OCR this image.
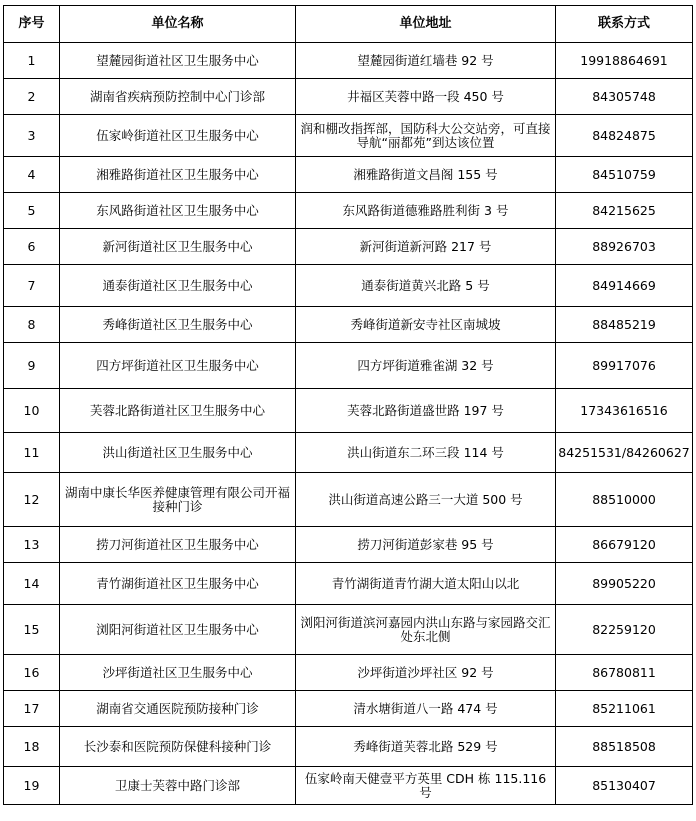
序号	单位名称	单位地址	联系方式
1	望麓园街道社区卫生服务中心	望麓园街道红墙巷 92 号	19918864691
2	湖南省疾病预防控制中心门诊部	井福区芙蓉中路一段 450 号	84305748
3	伍家岭街道社区卫生服务中心	润和棚改指挥部，国防科大公交站旁，可直接导航“丽都苑”到达该位置	84824875
4	湘雅路街道社区卫生服务中心	湘雅路街道文昌阁 155 号	84510759
5	东风路街道社区卫生服务中心	东风路街道德雅路胜利街 3 号	84215625
6	新河街道社区卫生服务中心	新河街道新河路 217 号	88926703
7	通泰街道社区卫生服务中心	通泰街道黄兴北路 5 号	84914669
8	秀峰街道社区卫生服务中心	秀峰街道新安寺社区南城坡	88485219
9	四方坪街道社区卫生服务中心	四方坪街道雅雀湖 32 号	89917076
10	芙蓉北路街道社区卫生服务中心	芙蓉北路街道盛世路 197 号	17343616516
11	洪山街道社区卫生服务中心	洪山街道东二环三段 114 号	84251531/84260627
12	湖南中康长华医养健康管理有限公司开福接种门诊	洪山街道高速公路三一大道 500 号	88510000
13	捞刀河街道社区卫生服务中心	捞刀河街道彭家巷 95 号	86679120
14	青竹湖街道社区卫生服务中心	青竹湖街道青竹湖大道太阳山以北	89905220
15	浏阳河街道社区卫生服务中心	浏阳河街道滨河嘉园内洪山东路与家园路交汇处东北侧	82259120
16	沙坪街道社区卫生服务中心	沙坪街道沙坪社区 92 号	86780811
17	湖南省交通医院预防接种门诊	清水塘街道八一路 474 号	85211061
18	长沙泰和医院预防保健科接种门诊	秀峰街道芙蓉北路 529 号	88518508
19	卫康士芙蓉中路门诊部	伍家岭南天健壹平方英里 CDH 栋 115.116 号	85130407
